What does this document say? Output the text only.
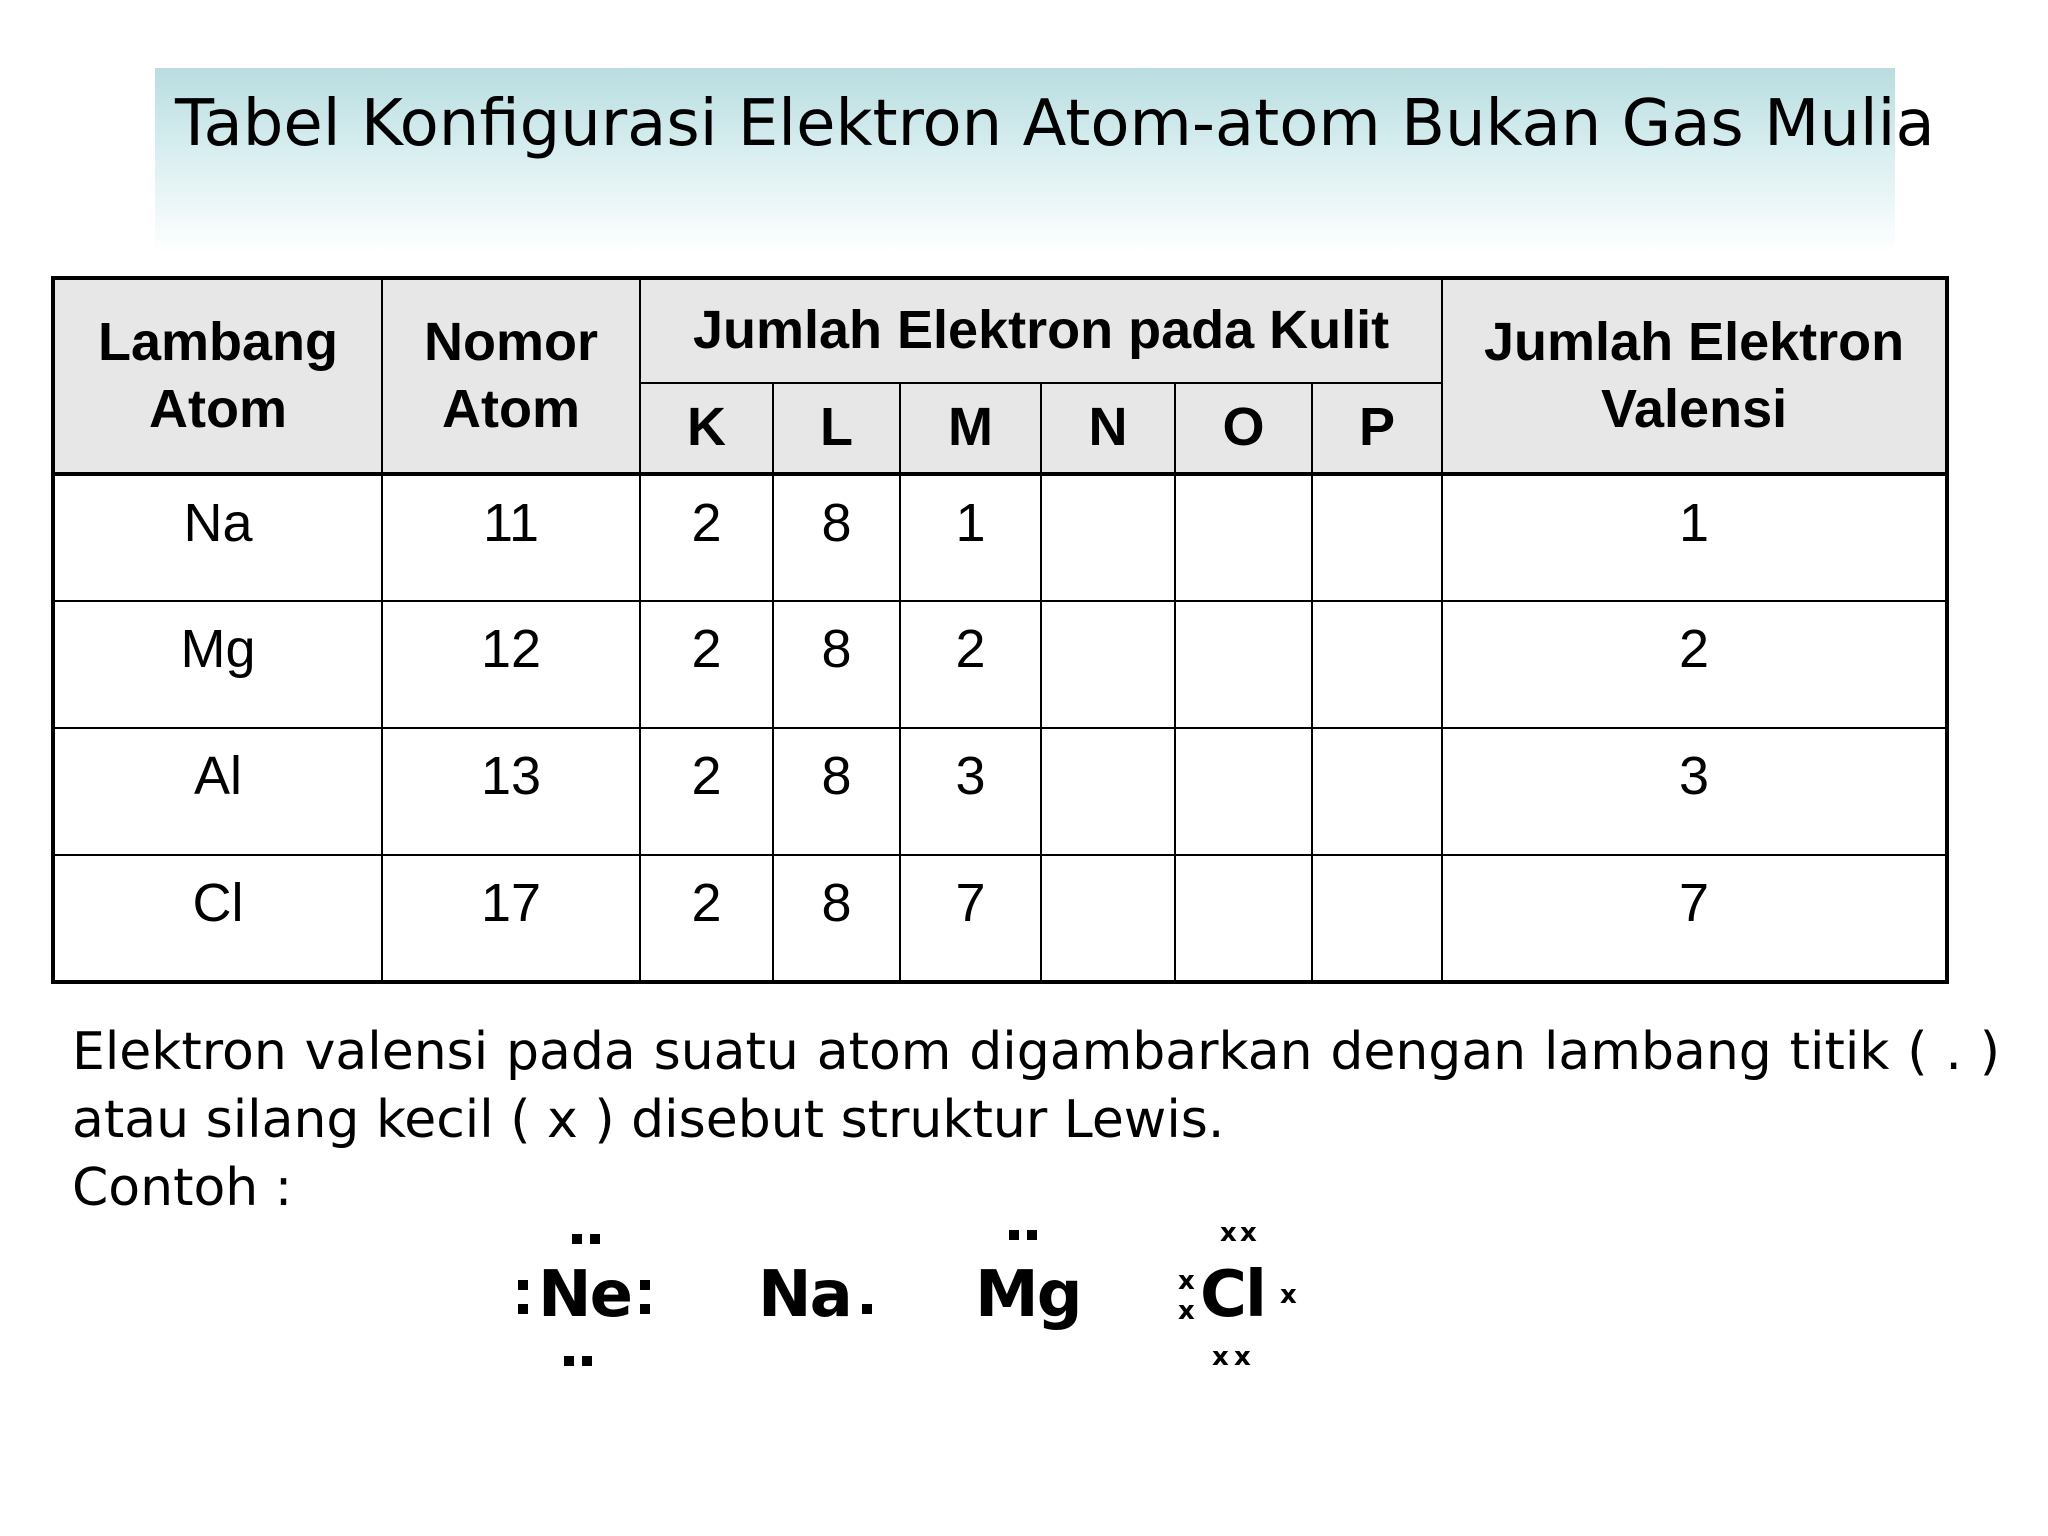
Tabel Konfigurasi Elektron Atom-atom Bukan Gas Mulia
Lambang Atom	Nomor Atom	Jumlah Elektron pada Kulit						Jumlah Elektron Valensi
		K	L	M	N	O	P	
Na	11	2	8	1				1
Mg	12	2	8	2				2
Al	13	2	8	3				3
Cl	17	2	8	7				7
Elektron valensi pada suatu atom digambarkan dengan lambang titik ( . )
atau silang kecil ( x ) disebut struktur Lewis.
Contoh :
Ne Na Mg Cl
x x
x
x
x
x x
